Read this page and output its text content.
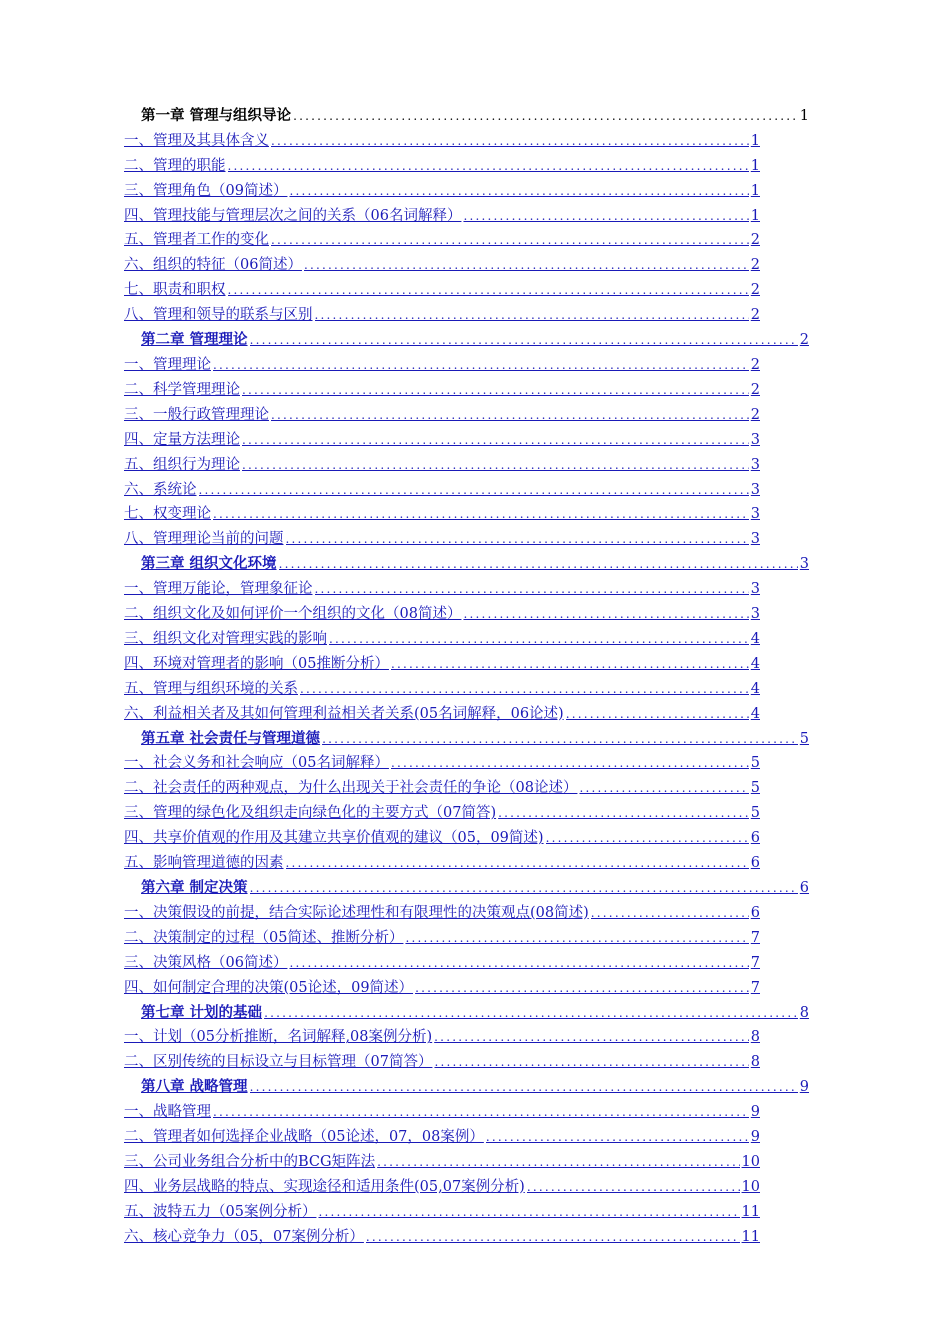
第一章 管理与组织导论 .....	1
一、管理及其具体含义 .....	1
二、管理的职能 .....	1
三、管理角色（09简述） .....	1
四、管理技能与管理层次之间的关系（06名词解释） .....	1
五、管理者工作的变化 .....	2
六、组织的特征（06简述） .....	2
七、职责和职权 .....	2
八、管理和领导的联系与区别 .....	2
第二章 管理理论 .....	2
一、管理理论 .....	2
二、科学管理理论 .....	2
三、一般行政管理理论 .....	2
四、定量方法理论 .....	3
五、组织行为理论 .....	3
六、系统论 .....	3
七、权变理论 .....	3
八、管理理论当前的问题 .....	3
第三章 组织文化环境 .....	3
一、管理万能论，管理象征论 .....	3
二、组织文化及如何评价一个组织的文化（08简述） .....	3
三、组织文化对管理实践的影响 .....	4
四、环境对管理者的影响（05推断分析） .....	4
五、管理与组织环境的关系 .....	4
六、利益相关者及其如何管理利益相关者关系(05名词解释，06论述) .....	4
第五章 社会责任与管理道德 .....	5
一、社会义务和社会响应（05名词解释） .....	5
二、社会责任的两种观点，为什么出现关于社会责任的争论（08论述） .....	5
三、管理的绿色化及组织走向绿色化的主要方式（07简答) .....	5
四、共享价值观的作用及其建立共享价值观的建议（05，09简述) .....	6
五、影响管理道德的因素 .....	6
第六章 制定决策 .....	6
一、决策假设的前提，结合实际论述理性和有限理性的决策观点(08简述) .....	6
二、决策制定的过程（05简述、推断分析） .....	7
三、决策风格（06简述） .....	7
四、如何制定合理的决策(05论述，09简述） .....	7
第七章 计划的基础 .....	8
一、计划（05分析推断，名词解释,08案例分析) .....	8
二、区别传统的目标设立与目标管理（07简答） .....	8
第八章 战略管理 .....	9
一、战略管理 .....	9
二、管理者如何选择企业战略（05论述，07，08案例） .....	9
三、公司业务组合分析中的BCG矩阵法 .....	10
四、业务层战略的特点、实现途径和适用条件(05,07案例分析) .....	10
五、波特五力（05案例分析） .....	11
六、核心竞争力（05，07案例分析） .....	11
